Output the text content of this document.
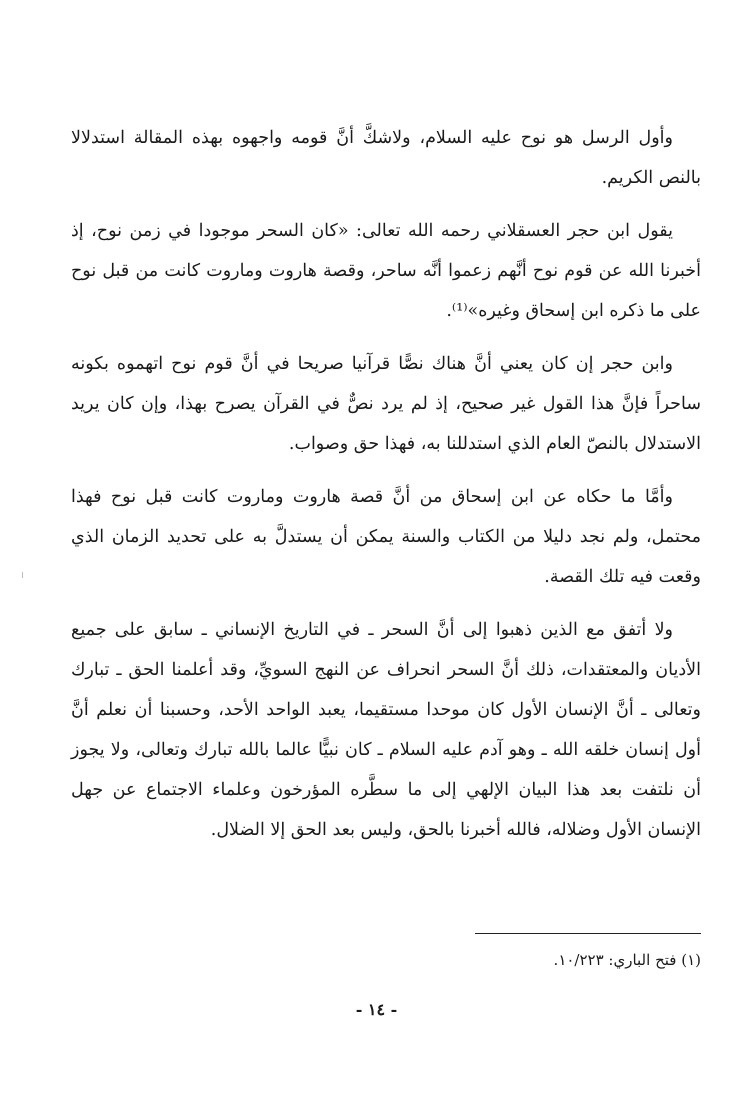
وأول الرسل هو نوح عليه السلام، ولاشكَّ أنَّ قومه واجهوه بهذه المقالة استدلالا بالنص الكريم.

يقول ابن حجر العسقلاني رحمه الله تعالى: «كان السحر موجودا في زمن نوح، إذ أخبرنا الله عن قوم نوح أنَّهم زعموا أنَّه ساحر، وقصة هاروت وماروت كانت من قبل نوح على ما ذكره ابن إسحاق وغيره»⁽¹⁾.

وابن حجر إن كان يعني أنَّ هناك نصًّا قرآنيا صريحا في أنَّ قوم نوح اتهموه بكونه ساحراً فإنَّ هذا القول غير صحيح، إذ لم يرد نصٌّ في القرآن يصرح بهذا، وإن كان يريد الاستدلال بالنصّ العام الذي استدللنا به، فهذا حق وصواب.

وأمَّا ما حكاه عن ابن إسحاق من أنَّ قصة هاروت وماروت كانت قبل نوح فهذا محتمل، ولم نجد دليلا من الكتاب والسنة يمكن أن يستدلَّ به على تحديد الزمان الذي وقعت فيه تلك القصة.

ولا أتفق مع الذين ذهبوا إلى أنَّ السحر ـ في التاريخ الإنساني ـ سابق على جميع الأديان والمعتقدات، ذلك أنَّ السحر انحراف عن النهج السويِّ، وقد أعلمنا الحق ـ تبارك وتعالى ـ أنَّ الإنسان الأول كان موحدا مستقيما، يعبد الواحد الأحد، وحسبنا أن نعلم أنَّ أول إنسان خلقه الله ـ وهو آدم عليه السلام ـ كان نبيًّا عالما بالله تبارك وتعالى، ولا يجوز أن نلتفت بعد هذا البيان الإلهي إلى ما سطَّره المؤرخون وعلماء الاجتماع عن جهل الإنسان الأول وضلاله، فالله أخبرنا بالحق، وليس بعد الحق إلا الضلال.

(١) فتح الباري: ١٠/٢٢٣.
- ١٤ -
